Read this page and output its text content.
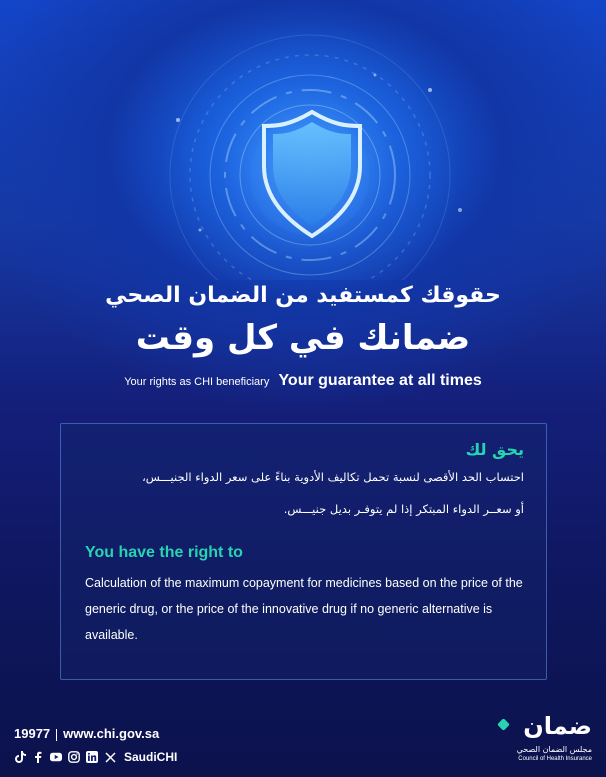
حقوقك كمستفيد من الضمان الصحي
ضمانك في كل وقت
Your rights as CHI beneficiary Your guarantee at all times
يحق لك
احتساب الحد الأقصى لنسبة تحمل تكاليف الأدوية بناءً على سعر الدواء الجنيـــس،
أو سعــر الدواء المبتكر إذا لم يتوفـر بديل جنيـــس.
You have the right to
Calculation of the maximum copayment for medicines based on the price of the generic drug, or the price of the innovative drug if no generic alternative is available.
19977 www.chi.gov.sa
SaudiCHI
ضمان
مجلس الضمان الصحي
Council of Health Insurance
